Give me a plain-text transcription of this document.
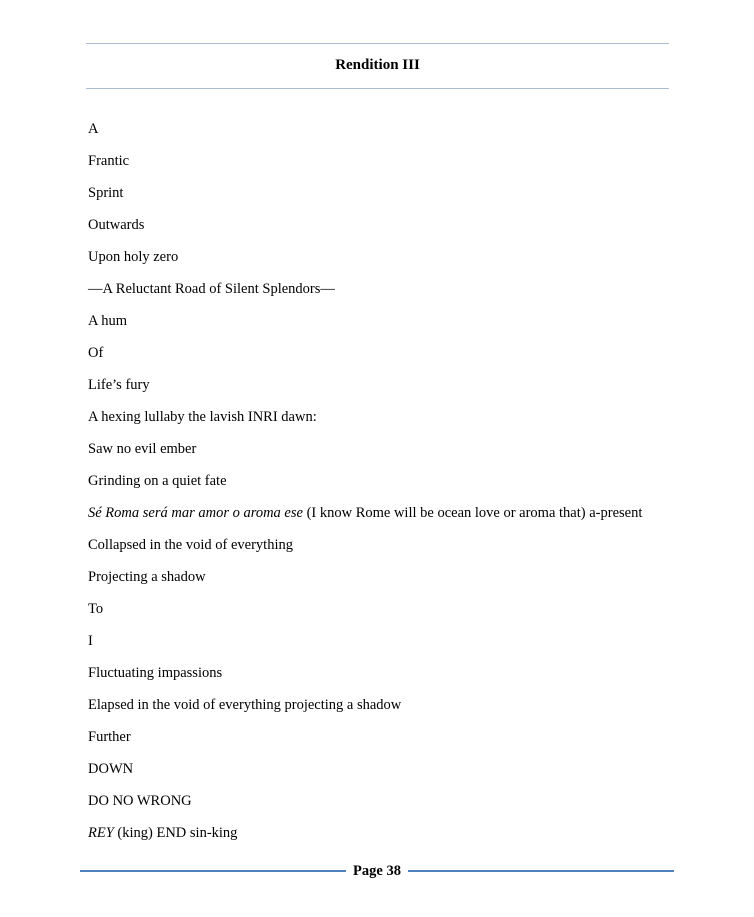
Rendition III
A
Frantic
Sprint
Outwards
Upon holy zero
—A Reluctant Road of Silent Splendors—
A hum
Of
Life’s fury
A hexing lullaby the lavish INRI dawn:
Saw no evil ember
Grinding on a quiet fate
Sé Roma será mar amor o aroma ese (I know Rome will be ocean love or aroma that) a-present
Collapsed in the void of everything
Projecting a shadow
To
I
Fluctuating impassions
Elapsed in the void of everything projecting a shadow
Further
DOWN
DO NO WRONG
REY (king) END sin-king
Page 38
